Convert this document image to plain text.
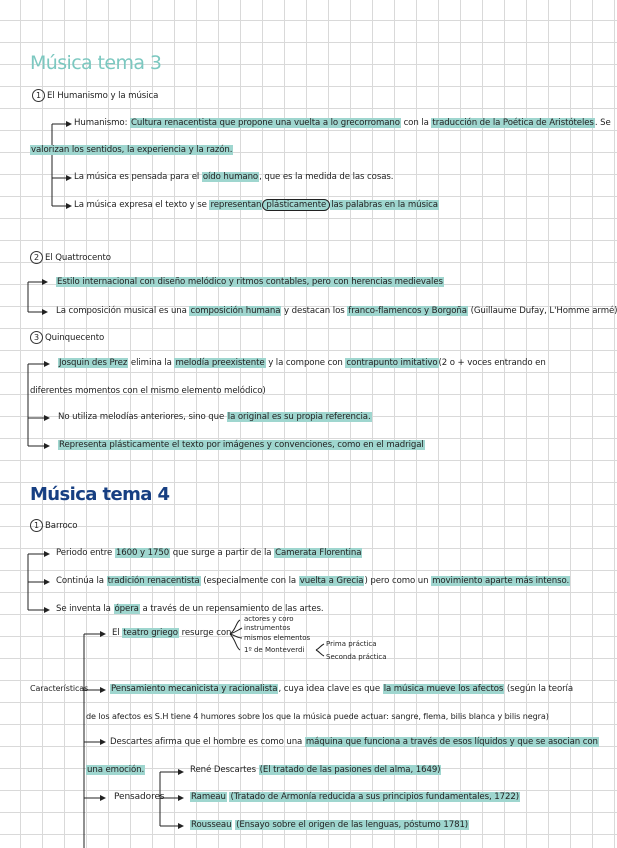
Música tema 3
1 El Humanismo y la música
Humanismo: Cultura renacentista que propone una vuelta a lo grecorromano con la traducción de la Poética de Aristóteles. Se
valorizan los sentidos, la experiencia y la razón.
La música es pensada para el oído humano, que es la medida de las cosas.
La música expresa el texto y se representan plásticamente las palabras en la música
2 El Quattrocento
Estilo internacional con diseño melódico y ritmos contables, pero con herencias medievales
La composición musical es una composición humana y destacan los franco-flamencos y Borgoña (Guillaume Dufay, L'Homme armé)
3 Quinquecento
Josquin des Prez elimina la melodía preexistente y la compone con contrapunto imitativo(2 o + voces entrando en
diferentes momentos con el mismo elemento melódico)
No utiliza melodías anteriores, sino que la original es su propia referencia.
Representa plásticamente el texto por imágenes y convenciones, como en el madrigal
Música tema 4
1 Barroco
Periodo entre 1600 y 1750 que surge a partir de la Camerata Florentina
Continúa la tradición renacentista (especialmente con la vuelta a Grecia) pero como un movimiento aparte más intenso.
Se inventa la ópera a través de un repensamiento de las artes.
El teatro griego resurge con
actores y coro
instrumentos
mismos elementos
1º de Monteverdi
Prima práctica
Seconda práctica
Características	Pensamiento mecanicista y racionalista, cuya idea clave es que la música mueve los afectos (según la teoría
de los afectos es S.H tiene 4 humores sobre los que la música puede actuar: sangre, flema, bilis blanca y bilis negra)
Descartes afirma que el hombre es como una máquina que funciona a través de esos líquidos y que se asocian con
una emoción.
Pensadores
René Descartes (El tratado de las pasiones del alma, 1649)
Rameau (Tratado de Armonía reducida a sus principios fundamentales, 1722)
Rousseau (Ensayo sobre el origen de las lenguas, póstumo 1781)
